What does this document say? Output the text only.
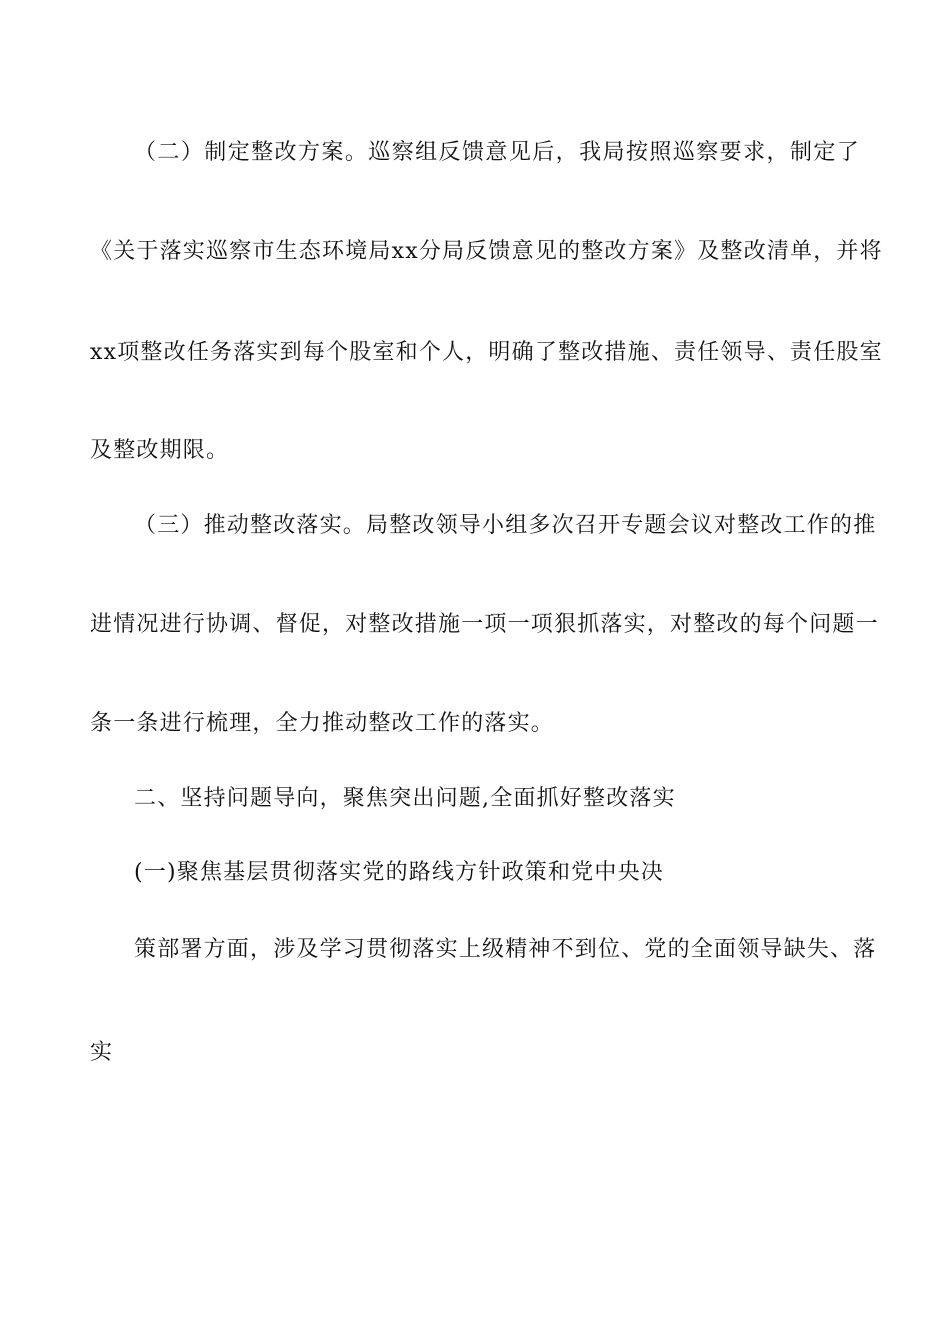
（二）制定整改方案。巡察组反馈意见后，我局按照巡察要求，制定了
《关于落实巡察市生态环境局xx分局反馈意见的整改方案》及整改清单，并将
xx项整改任务落实到每个股室和个人，明确了整改措施、责任领导、责任股室
及整改期限。
（三）推动整改落实。局整改领导小组多次召开专题会议对整改工作的推
进情况进行协调、督促，对整改措施一项一项狠抓落实，对整改的每个问题一
条一条进行梳理，全力推动整改工作的落实。
二、坚持问题导向，聚焦突出问题,全面抓好整改落实
(一)聚焦基层贯彻落实党的路线方针政策和党中央决
策部署方面，涉及学习贯彻落实上级精神不到位、党的全面领导缺失、落
实
